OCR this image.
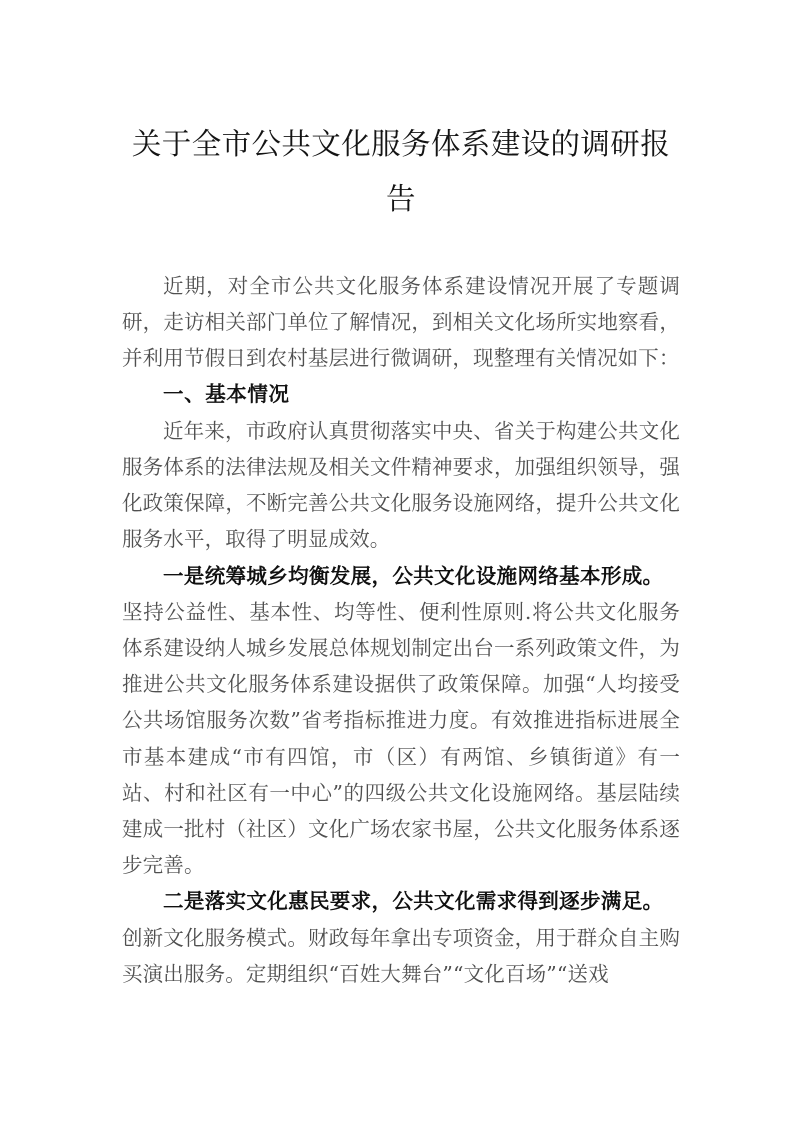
关于全市公共文化服务体系建设的调研报告

近期，对全市公共文化服务体系建设情况开展了专题调研，走访相关部门单位了解情况，到相关文化场所实地察看，并利用节假日到农村基层进行微调研，现整理有关情况如下：

一、基本情况

近年来，市政府认真贯彻落实中央、省关于构建公共文化服务体系的法律法规及相关文件精神要求，加强组织领导，强化政策保障，不断完善公共文化服务设施网络，提升公共文化服务水平，取得了明显成效。

一是统筹城乡均衡发展，公共文化设施网络基本形成。
坚持公益性、基本性、均等性、便利性原则.将公共文化服务体系建设纳人城乡发展总体规划制定出台一系列政策文件，为推进公共文化服务体系建设据供了政策保障。加强“人均接受公共场馆服务次数”省考指标推进力度。有效推进指标进展全市基本建成“市有四馆，市（区）有两馆、乡镇街道》有一站、村和社区有一中心”的四级公共文化设施网络。基层陆续建成一批村（社区）文化广场农家书屋，公共文化服务体系逐步完善。
二是落实文化惠民要求，公共文化需求得到逐步满足。
创新文化服务模式。财政每年拿出专项资金，用于群众自主购买演出服务。定期组织“百姓大舞台”“文化百场”“送戏
